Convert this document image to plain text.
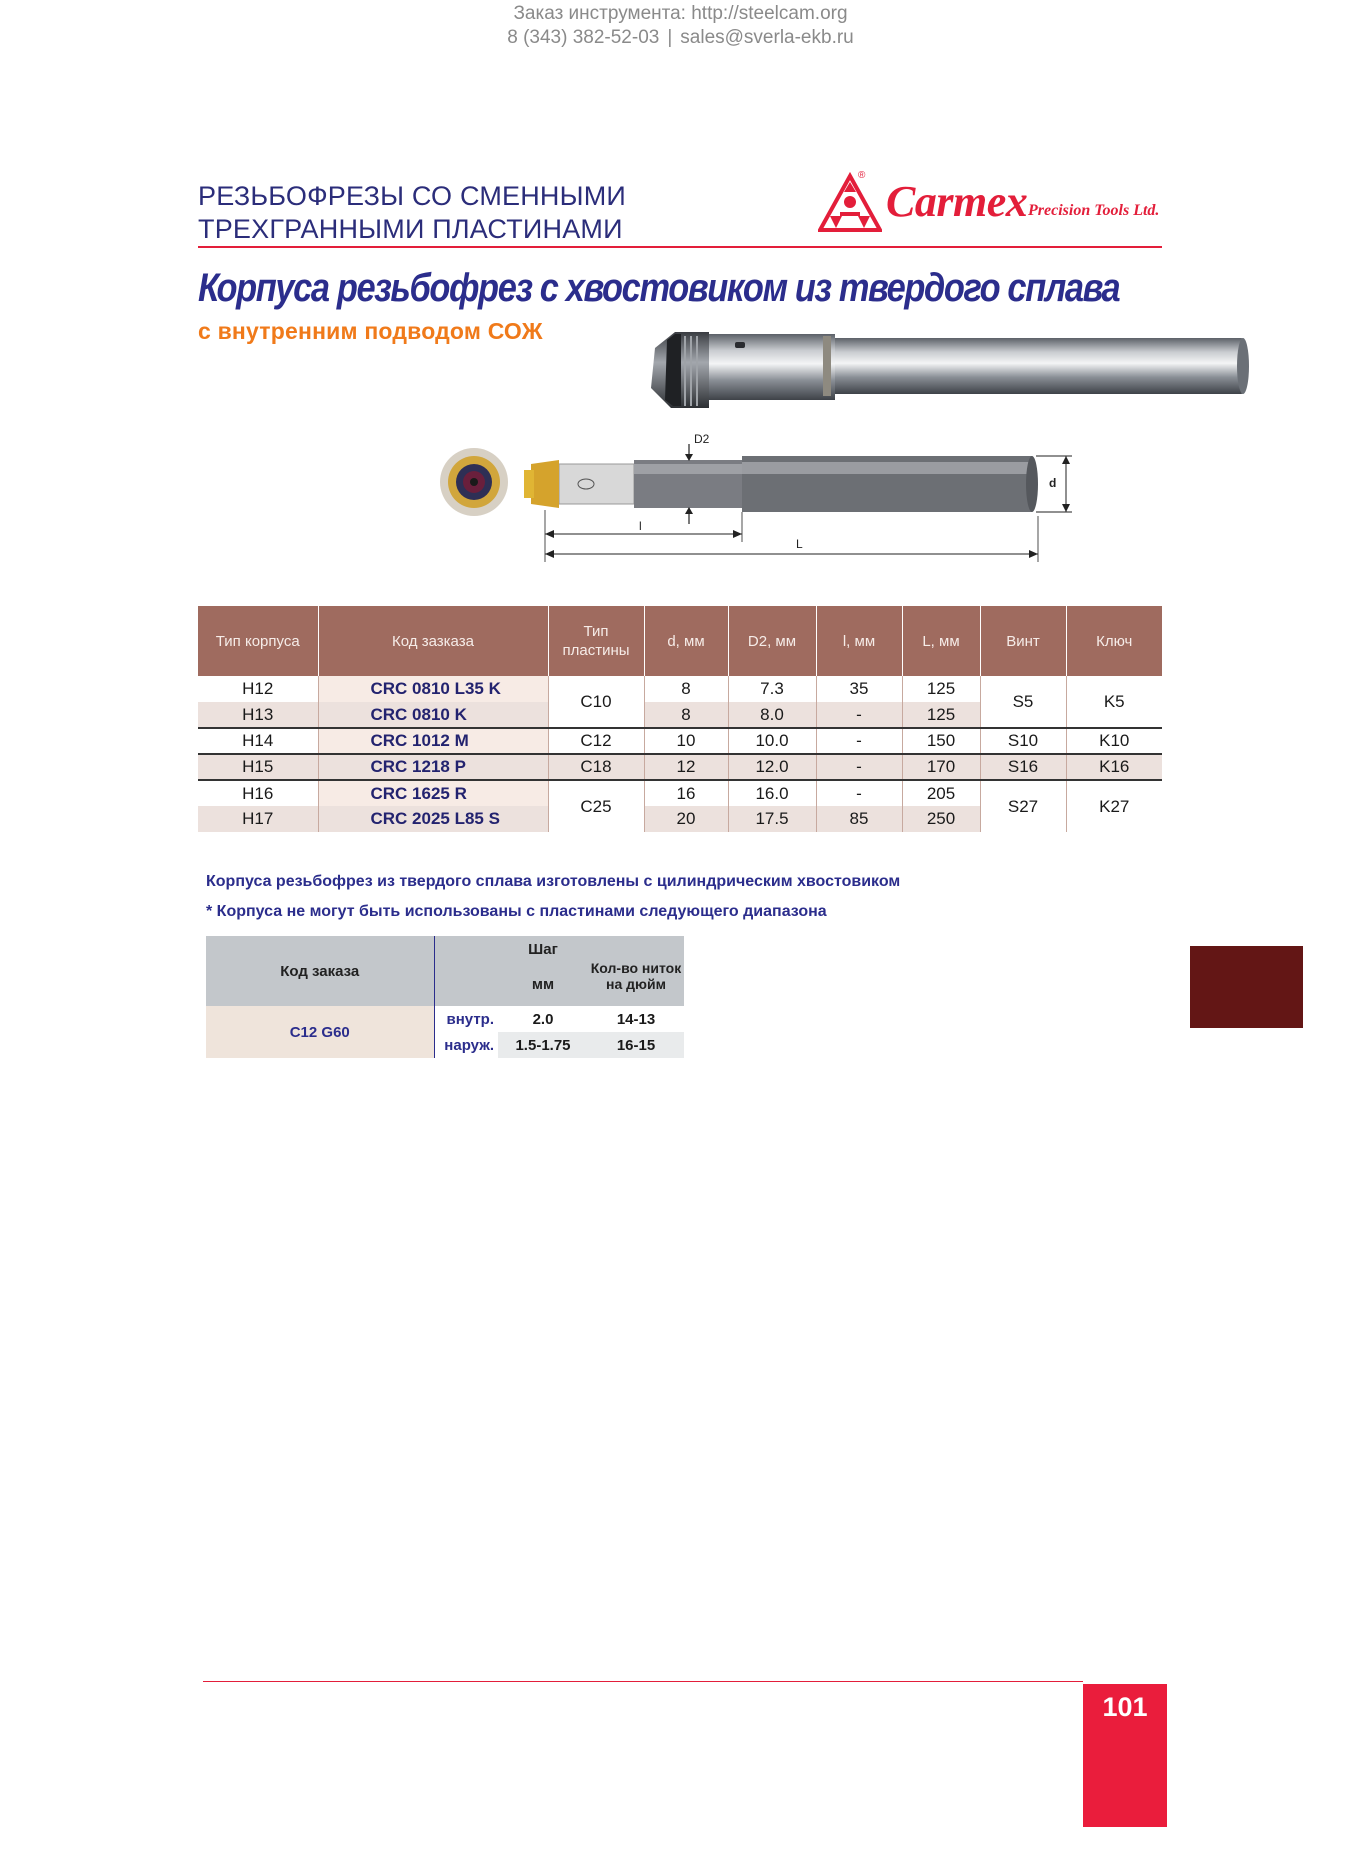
Заказ инструмента: http://steelcam.org
8 (343) 382-52-03 | sales@sverla-ekb.ru
РЕЗЬБОФРЕЗЫ СО СМЕННЫМИ
ТРЕХГРАННЫМИ ПЛАСТИНАМИ
®
Carmex Precision Tools Ltd.
Корпуса резьбофрез с хвостовиком из твердого сплава
с внутренним подводом СОЖ
D2
d
l
L
Тип корпуса	Код зазказа	Тип пластины	d, мм	D2, мм	l, мм	L, мм	Винт	Ключ
H12	CRC 0810 L35 K	C10	8	7.3	35	125	S5	K5
H13	CRC 0810 K		8	8.0	-	125		
H14	CRC 1012 M	C12	10	10.0	-	150	S10	K10
H15	CRC 1218 P	C18	12	12.0	-	170	S16	K16
H16	CRC 1625 R	C25	16	16.0	-	205	S27	K27
H17	CRC 2025 L85 S		20	17.5	85	250		
Корпуса резьбофрез из твердого сплава изготовлены с цилиндрическим хвостовиком
* Корпуса не могут быть использованы с пластинами следующего диапазона
Код заказа		Шаг	Кол-во ниток на дюйм
		мм	
C12 G60	внутр.	2.0	14-13
	наруж.	1.5-1.75	16-15
101
